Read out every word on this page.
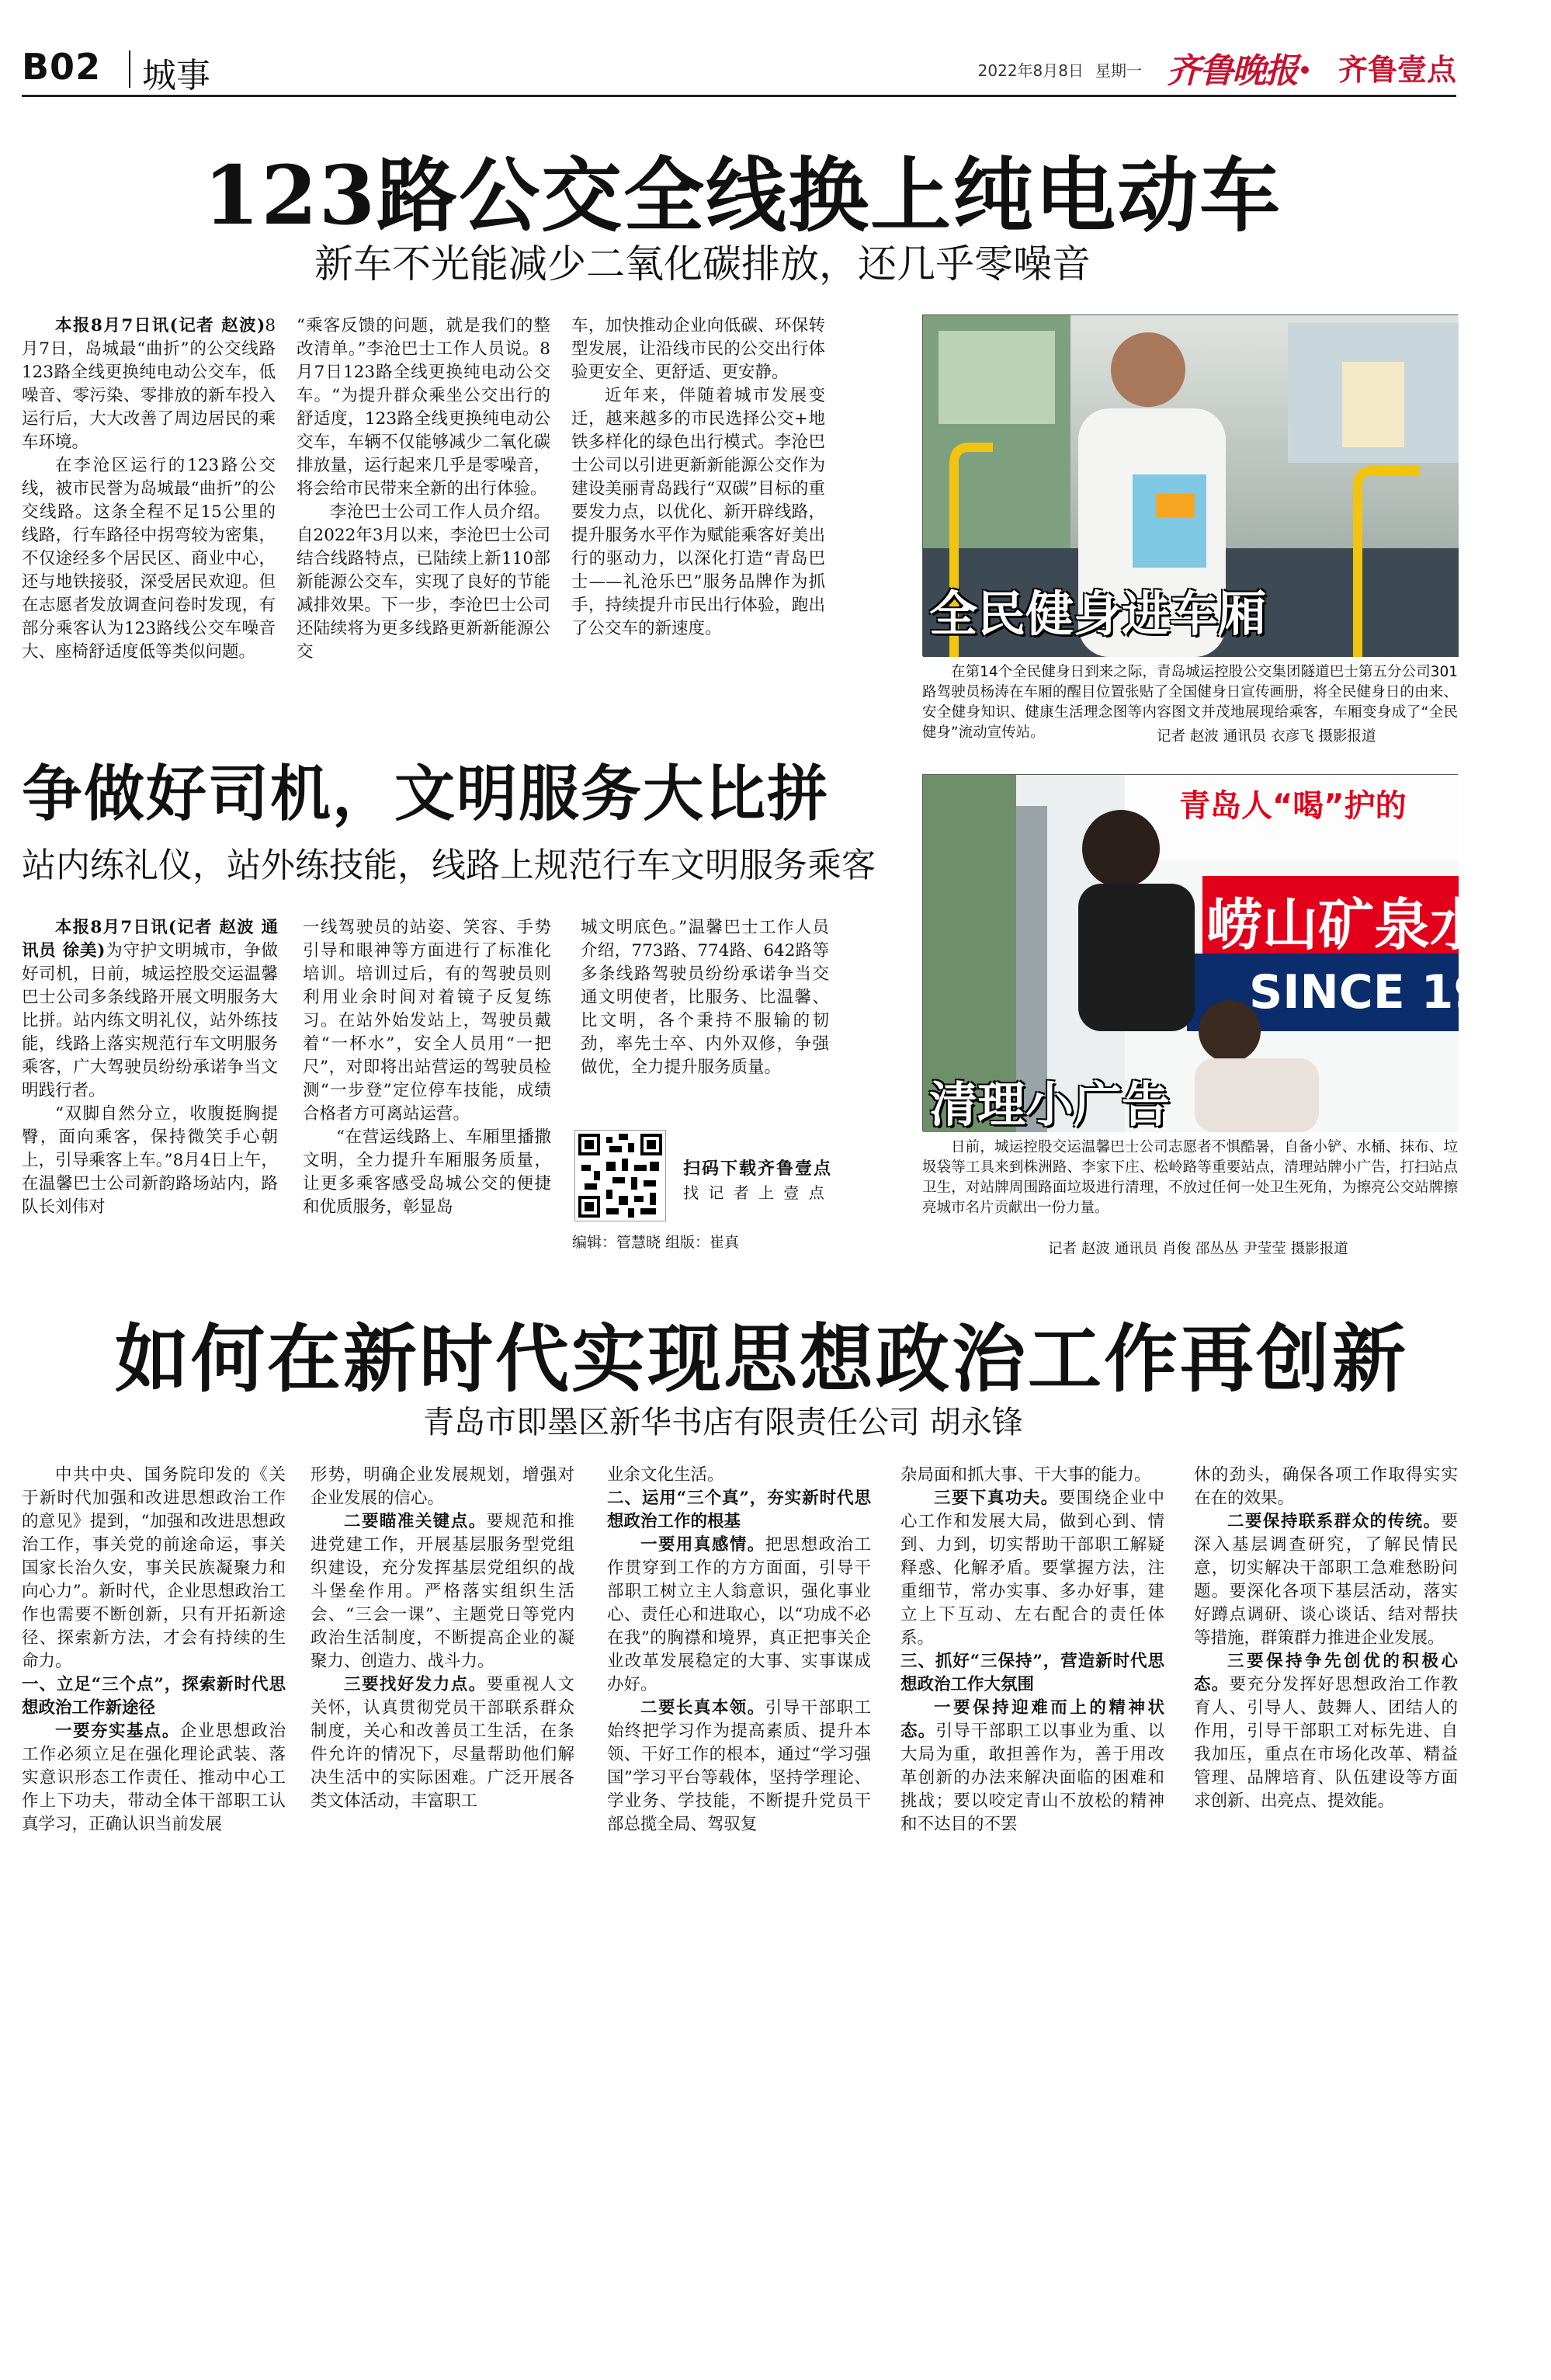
B02 城事	2022年8月8日 星期一 齐鲁晚报 齐鲁壹点
123路公交全线换上纯电动车
新车不光能减少二氧化碳排放，还几乎零噪音

本报8月7日讯(记者 赵波)8月7日，岛城最“曲折”的公交线路123路全线更换纯电动公交车，低噪音、零污染、零排放的新车投入运行后，大大改善了周边居民的乘车环境。

在李沧区运行的123路公交线，被市民誉为岛城最“曲折”的公交线路。这条全程不足15公里的线路，行车路径中拐弯较为密集，不仅途经多个居民区、商业中心，还与地铁接驳，深受居民欢迎。但在志愿者发放调查问卷时发现，有部分乘客认为123路线公交车噪音大、座椅舒适度低等类似问题。

“乘客反馈的问题，就是我们的整改清单。”李沧巴士工作人员说。8月7日123路全线更换纯电动公交车。“为提升群众乘坐公交出行的舒适度，123路全线更换纯电动公交车，车辆不仅能够减少二氧化碳排放量，运行起来几乎是零噪音，将会给市民带来全新的出行体验。

李沧巴士公司工作人员介绍。自2022年3月以来，李沧巴士公司结合线路特点，已陆续上新110部新能源公交车，实现了良好的节能减排效果。下一步，李沧巴士公司还陆续将为更多线路更新新能源公交

车，加快推动企业向低碳、环保转型发展，让沿线市民的公交出行体验更安全、更舒适、更安静。

近年来，伴随着城市发展变迁，越来越多的市民选择公交+地铁多样化的绿色出行模式。李沧巴士公司以引进更新新能源公交作为建设美丽青岛践行“双碳”目标的重要发力点，以优化、新开辟线路，提升服务水平作为赋能乘客好美出行的驱动力，以深化打造“青岛巴士——礼沧乐巴”服务品牌作为抓手，持续提升市民出行体验，跑出了公交车的新速度。	全民健身进车厢

在第14个全民健身日到来之际，青岛城运控股公交集团隧道巴士第五分公司301路驾驶员杨涛在车厢的醒目位置张贴了全国健身日宣传画册，将全民健身日的由来、安全健身知识、健康生活理念图等内容图文并茂地展现给乘客，车厢变身成了“全民健身”流动宣传站。	记者 赵波 通讯员 衣彦飞 摄影报道
争做好司机，文明服务大比拼
站内练礼仪，站外练技能，线路上规范行车文明服务乘客

本报8月7日讯(记者 赵波 通讯员 徐美)为守护文明城市，争做好司机，日前，城运控股交运温馨巴士公司多条线路开展文明服务大比拼。站内练文明礼仪，站外练技能，线路上落实规范行车文明服务乘客，广大驾驶员纷纷承诺争当文明践行者。

“双脚自然分立，收腹挺胸提臀，面向乘客，保持微笑手心朝上，引导乘客上车。”8月4日上午，在温馨巴士公司新韵路场站内，路队长刘伟对

一线驾驶员的站姿、笑容、手势引导和眼神等方面进行了标准化培训。培训过后，有的驾驶员则利用业余时间对着镜子反复练习。在站外始发站上，驾驶员戴着“一杯水”，安全人员用“一把尺”，对即将出站营运的驾驶员检测“一步登”定位停车技能，成绩合格者方可离站运营。

“在营运线路上、车厢里播撒文明，全力提升车厢服务质量，让更多乘客感受岛城公交的便捷和优质服务，彰显岛

城文明底色。”温馨巴士工作人员介绍，773路、774路、642路等多条线路驾驶员纷纷承诺争当交通文明使者，比服务、比温馨、比文明，各个秉持不服输的韧劲，率先士卒、内外双修，争强做优，全力提升服务质量。

扫码下载齐鲁壹点
找 记 者 上 壹 点
编辑：管慧晓 组版：崔真
青岛人“喝”护的
崂山矿泉水
SINCE 1900
清理小广告

日前，城运控股交运温馨巴士公司志愿者不惧酷暑，自备小铲、水桶、抹布、垃圾袋等工具来到株洲路、李家下庄、松岭路等重要站点，清理站牌小广告，打扫站点卫生，对站牌周围路面垃圾进行清理，不放过任何一处卫生死角，为擦亮公交站牌擦亮城市名片贡献出一份力量。

记者 赵波 通讯员 肖俊 邵丛丛 尹莹莹 摄影报道
如何在新时代实现思想政治工作再创新
青岛市即墨区新华书店有限责任公司 胡永锋

中共中央、国务院印发的《关于新时代加强和改进思想政治工作的意见》提到，“加强和改进思想政治工作，事关党的前途命运，事关国家长治久安，事关民族凝聚力和向心力”。新时代，企业思想政治工作也需要不断创新，只有开拓新途径、探索新方法，才会有持续的生命力。

一、立足“三个点”，探索新时代思想政治工作新途径

一要夯实基点。企业思想政治工作必须立足在强化理论武装、落实意识形态工作责任、推动中心工作上下功夫，带动全体干部职工认真学习，正确认识当前发展

形势，明确企业发展规划，增强对企业发展的信心。

二要瞄准关键点。要规范和推进党建工作，开展基层服务型党组织建设，充分发挥基层党组织的战斗堡垒作用。严格落实组织生活会、“三会一课”、主题党日等党内政治生活制度，不断提高企业的凝聚力、创造力、战斗力。

三要找好发力点。要重视人文关怀，认真贯彻党员干部联系群众制度，关心和改善员工生活，在条件允许的情况下，尽量帮助他们解决生活中的实际困难。广泛开展各类文体活动，丰富职工

业余文化生活。

二、运用“三个真”，夯实新时代思想政治工作的根基

一要用真感情。把思想政治工作贯穿到工作的方方面面，引导干部职工树立主人翁意识，强化事业心、责任心和进取心，以“功成不必在我”的胸襟和境界，真正把事关企业改革发展稳定的大事、实事谋成办好。

二要长真本领。引导干部职工始终把学习作为提高素质、提升本领、干好工作的根本，通过“学习强国”学习平台等载体，坚持学理论、学业务、学技能，不断提升党员干部总揽全局、驾驭复

杂局面和抓大事、干大事的能力。

三要下真功夫。要围绕企业中心工作和发展大局，做到心到、情到、力到，切实帮助干部职工解疑释惑、化解矛盾。要掌握方法，注重细节，常办实事、多办好事，建立上下互动、左右配合的责任体系。

三、抓好“三保持”，营造新时代思想政治工作大氛围

一要保持迎难而上的精神状态。引导干部职工以事业为重、以大局为重，敢担善作为，善于用改革创新的办法来解决面临的困难和挑战；要以咬定青山不放松的精神和不达目的不罢

休的劲头，确保各项工作取得实实在在的效果。

二要保持联系群众的传统。要深入基层调查研究，了解民情民意，切实解决干部职工急难愁盼问题。要深化各项下基层活动，落实好蹲点调研、谈心谈话、结对帮扶等措施，群策群力推进企业发展。

三要保持争先创优的积极心态。要充分发挥好思想政治工作教育人、引导人、鼓舞人、团结人的作用，引导干部职工对标先进、自我加压，重点在市场化改革、精益管理、品牌培育、队伍建设等方面求创新、出亮点、提效能。
